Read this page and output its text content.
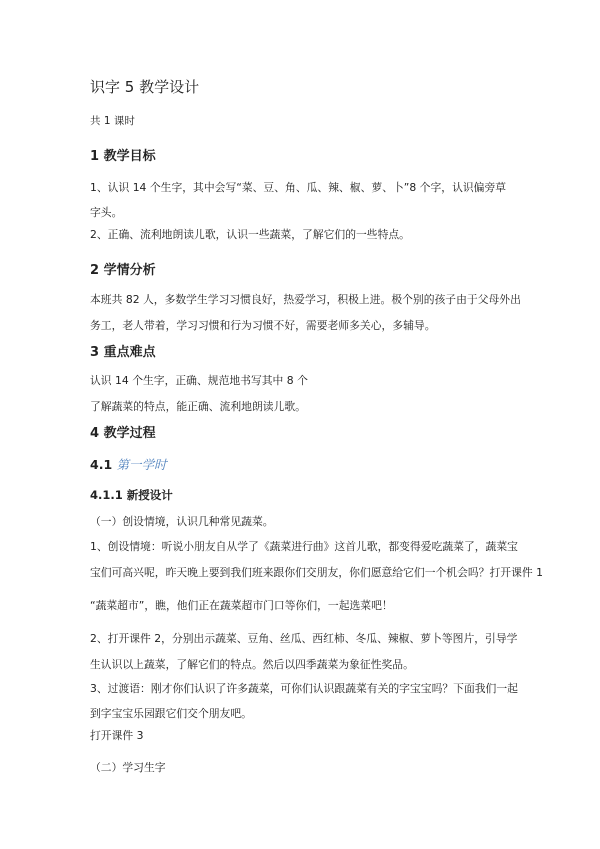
识字 5 教学设计
共 1 课时
1 教学目标
1、认识 14 个生字，其中会写“菜、豆、角、瓜、辣、椒、萝、卜”8 个字，认识偏旁草
字头。
2、正确、流利地朗读儿歌，认识一些蔬菜，了解它们的一些特点。
2 学情分析
本班共 82 人，多数学生学习习惯良好，热爱学习，积极上进。极个别的孩子由于父母外出
务工，老人带着，学习习惯和行为习惯不好，需要老师多关心，多辅导。
3 重点难点
认识 14 个生字，正确、规范地书写其中 8 个
了解蔬菜的特点，能正确、流利地朗读儿歌。
4 教学过程
4.1 第一学时
4.1.1 新授设计
（一）创设情境，认识几种常见蔬菜。
1、创设情境：听说小朋友自从学了《蔬菜进行曲》这首儿歌，都变得爱吃蔬菜了，蔬菜宝
宝们可高兴呢，昨天晚上要到我们班来跟你们交朋友，你们愿意给它们一个机会吗？打开课件 1
“蔬菜超市”，瞧，他们正在蔬菜超市门口等你们，一起选菜吧！
2、打开课件 2，分别出示蔬菜、豆角、丝瓜、西红柿、冬瓜、辣椒、萝卜等图片，引导学
生认识以上蔬菜，了解它们的特点。然后以四季蔬菜为象征性奖品。
3、过渡语：刚才你们认识了许多蔬菜，可你们认识跟蔬菜有关的字宝宝吗？下面我们一起
到字宝宝乐园跟它们交个朋友吧。
打开课件 3
（二）学习生字
